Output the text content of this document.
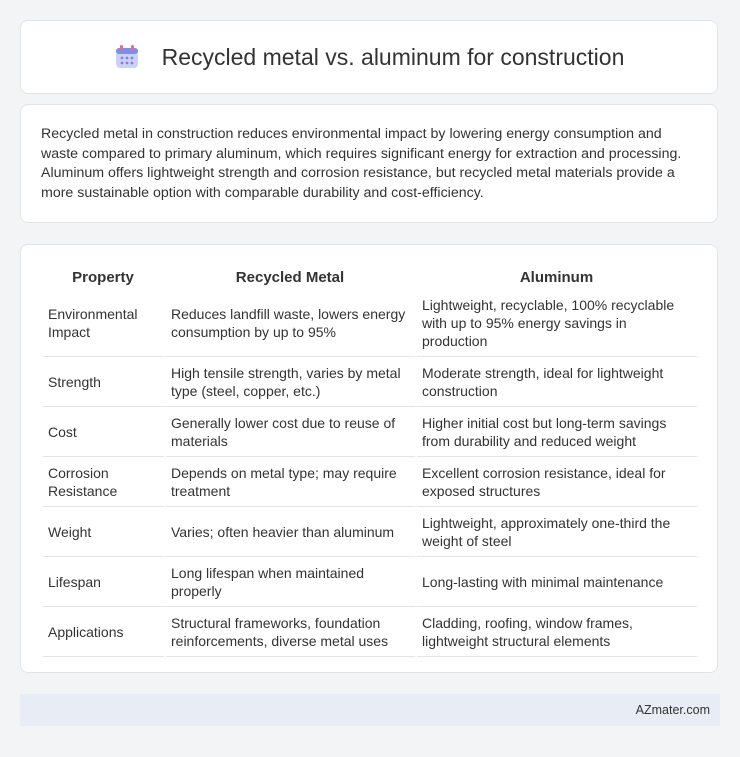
Recycled metal vs. aluminum for construction

Recycled metal in construction reduces environmental impact by lowering energy consumption and waste compared to primary aluminum, which requires significant energy for extraction and processing. Aluminum offers lightweight strength and corrosion resistance, but recycled metal materials provide a more sustainable option with comparable durability and cost-efficiency.

Property	Recycled Metal	Aluminum
Environmental Impact	Reduces landfill waste, lowers energy consumption by up to 95%	Lightweight, recyclable, 100% recyclable with up to 95% energy savings in production
Strength	High tensile strength, varies by metal type (steel, copper, etc.)	Moderate strength, ideal for lightweight construction
Cost	Generally lower cost due to reuse of materials	Higher initial cost but long-term savings from durability and reduced weight
Corrosion Resistance	Depends on metal type; may require treatment	Excellent corrosion resistance, ideal for exposed structures
Weight	Varies; often heavier than aluminum	Lightweight, approximately one-third the weight of steel
Lifespan	Long lifespan when maintained properly	Long-lasting with minimal maintenance
Applications	Structural frameworks, foundation reinforcements, diverse metal uses	Cladding, roofing, window frames, lightweight structural elements
AZmater.com
